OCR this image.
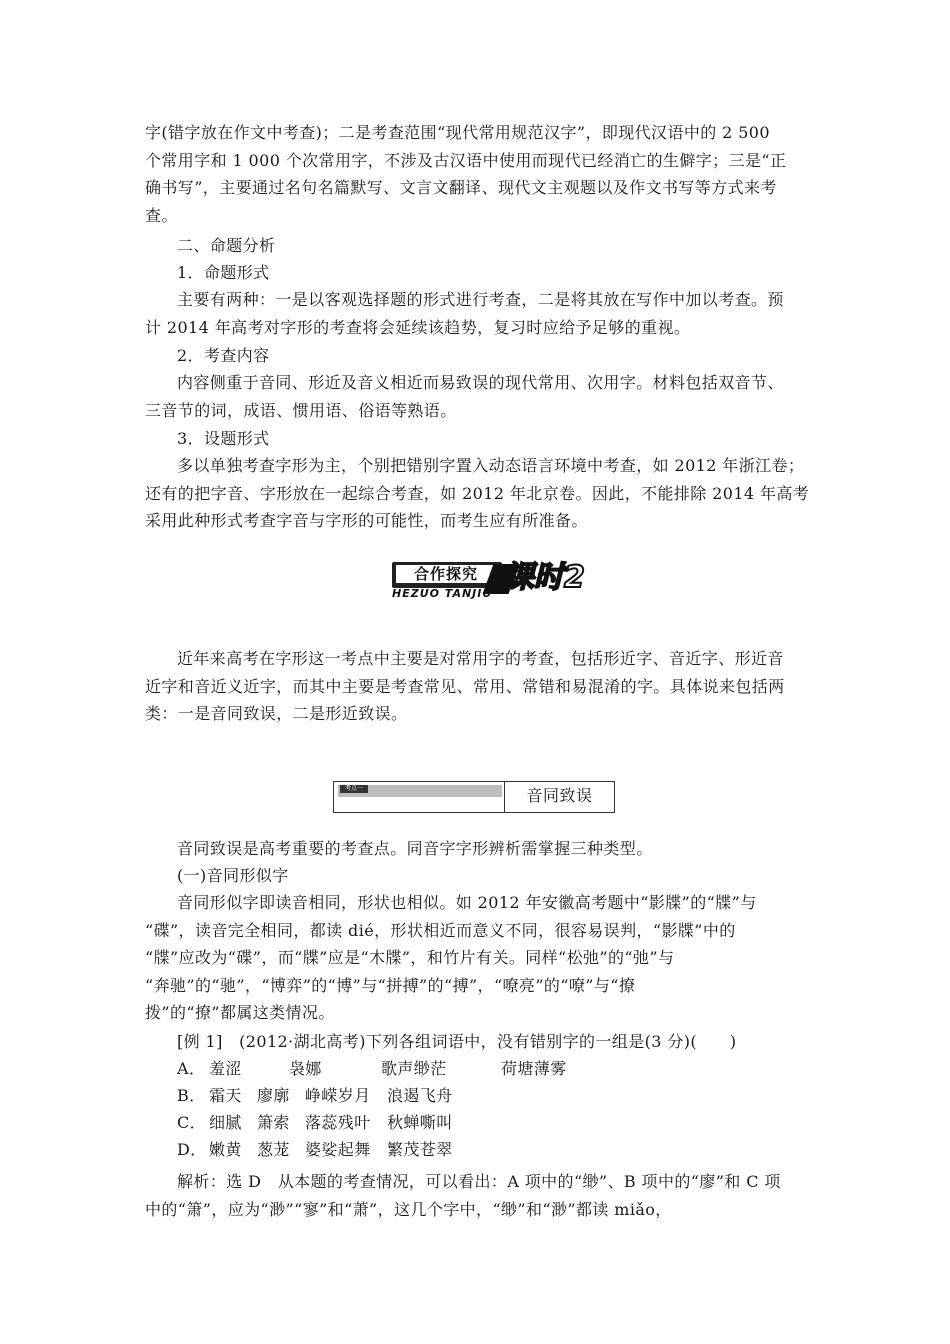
字(错字放在作文中考查)；二是考查范围“现代常用规范汉字”，即现代汉语中的 2 500
个常用字和 1 000 个次常用字，不涉及古汉语中使用而现代已经消亡的生僻字；三是“正
确书写”，主要通过名句名篇默写、文言文翻译、现代文主观题以及作文书写等方式来考
查。
二、命题分析
1．命题形式
主要有两种：一是以客观选择题的形式进行考查，二是将其放在写作中加以考查。预
计 2014 年高考对字形的考查将会延续该趋势，复习时应给予足够的重视。
2．考查内容
内容侧重于音同、形近及音义相近而易致误的现代常用、次用字。材料包括双音节、
三音节的词，成语、惯用语、俗语等熟语。
3．设题形式
多以单独考查字形为主，个别把错别字置入动态语言环境中考查，如 2012 年浙江卷；
还有的把字音、字形放在一起综合考查，如 2012 年北京卷。因此，不能排除 2014 年高考
采用此种形式考查字音与字形的可能性，而考生应有所准备。
合作探究
HEZUO TANJIU 课时2
近年来高考在字形这一考点中主要是对常用字的考查，包括形近字、音近字、形近音
近字和音近义近字，而其中主要是考查常见、常用、常错和易混淆的字。具体说来包括两
类：一是音同致误，二是形近致误。
考点一	音同致误
音同致误是高考重要的考查点。同音字字形辨析需掌握三种类型。
(一)音同形似字
音同形似字即读音相同，形状也相似。如 2012 年安徽高考题中“影牒”的“牒”与
“碟”，读音完全相同，都读 dié，形状相近而意义不同，很容易误判，“影牒”中的
“牒”应改为“碟”，而“牒”应是“木牒”，和竹片有关。同样“松弛”的“弛”与
“奔驰”的“驰”，“博弈”的“博”与“拼搏”的“搏”，“嘹亮”的“嘹”与“撩
拨”的“撩”都属这类情况。
[例 1]　(2012·湖北高考)下列各组词语中，没有错别字的一组是(3 分)(　　)
A． 羞涩	袅娜	歌声缈茫	荷塘薄雾
B． 霜天 廖廓 峥嵘岁月 浪遏飞舟
C． 细腻 箫索 落蕊残叶 秋蝉嘶叫
D． 嫩黄 葱茏 婆娑起舞 繁茂苍翠
解析：选 D　从本题的考查情况，可以看出：A 项中的“缈”、B 项中的“廖”和 C 项
中的“箫”，应为“渺”“寥”和“萧”，这几个字中，“缈”和“渺”都读 miǎo，
